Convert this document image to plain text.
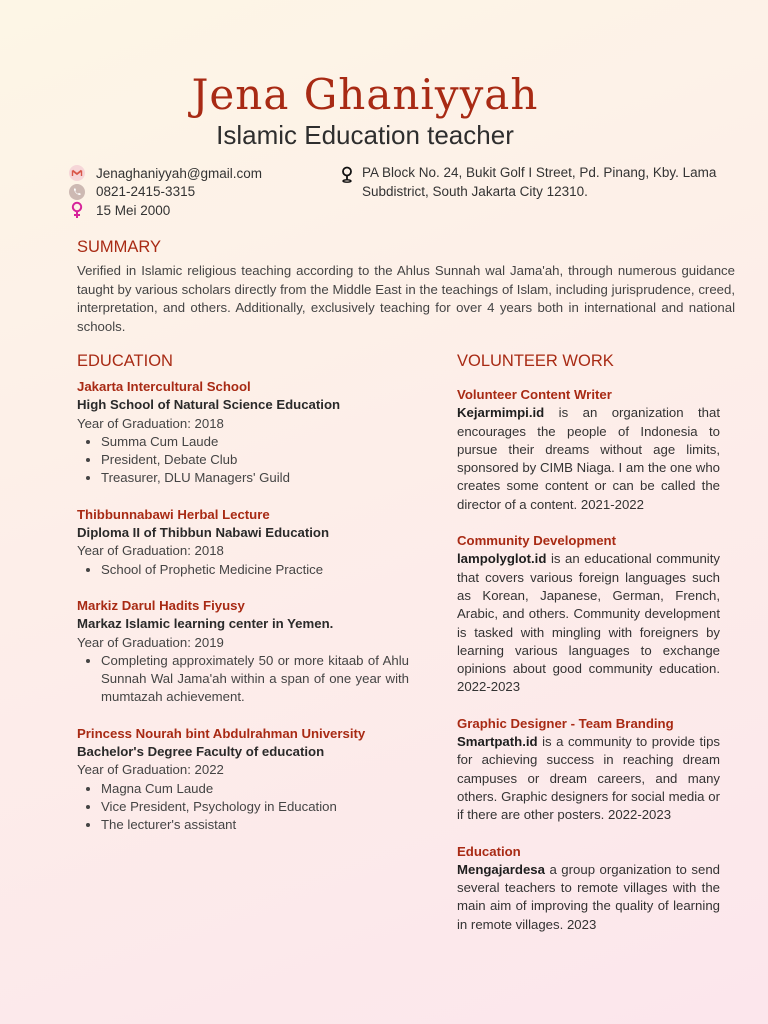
Jena Ghaniyyah
Islamic Education teacher
Jenaghaniyyah@gmail.com
0821-2415-3315
15 Mei 2000
PA Block No. 24, Bukit Golf I Street, Pd. Pinang, Kby. Lama Subdistrict, South Jakarta City 12310.
SUMMARY
Verified in Islamic religious teaching according to the Ahlus Sunnah wal Jama'ah, through numerous guidance taught by various scholars directly from the Middle East in the teachings of Islam, including jurisprudence, creed, interpretation, and others. Additionally, exclusively teaching for over 4 years both in international and national schools.
EDUCATION	VOLUNTEER WORK
Jakarta Intercultural School
High School of Natural Science Education
Year of Graduation: 2018
• Summa Cum Laude
• President, Debate Club
• Treasurer, DLU Managers' Guild
Thibbunnabawi Herbal Lecture
Diploma II of Thibbun Nabawi Education
Year of Graduation: 2018
• School of Prophetic Medicine Practice
Markiz Darul Hadits Fiyusy
Markaz Islamic learning center in Yemen.
Year of Graduation: 2019
• Completing approximately 50 or more kitaab of Ahlu Sunnah Wal Jama'ah within a span of one year with mumtazah achievement.
Princess Nourah bint Abdulrahman University
Bachelor's Degree Faculty of education
Year of Graduation: 2022
• Magna Cum Laude
• Vice President, Psychology in Education
• The lecturer's assistant
Volunteer Content Writer
Kejarmimpi.id is an organization that encourages the people of Indonesia to pursue their dreams without age limits, sponsored by CIMB Niaga. I am the one who creates some content or can be called the director of a content. 2021-2022
Community Development
lampolyglot.id is an educational community that covers various foreign languages such as Korean, Japanese, German, French, Arabic, and others. Community development is tasked with mingling with foreigners by learning various languages to exchange opinions about good community education. 2022-2023
Graphic Designer - Team Branding
Smartpath.id is a community to provide tips for achieving success in reaching dream campuses or dream careers, and many others. Graphic designers for social media or if there are other posters. 2022-2023
Education
Mengajardesa a group organization to send several teachers to remote villages with the main aim of improving the quality of learning in remote villages. 2023
